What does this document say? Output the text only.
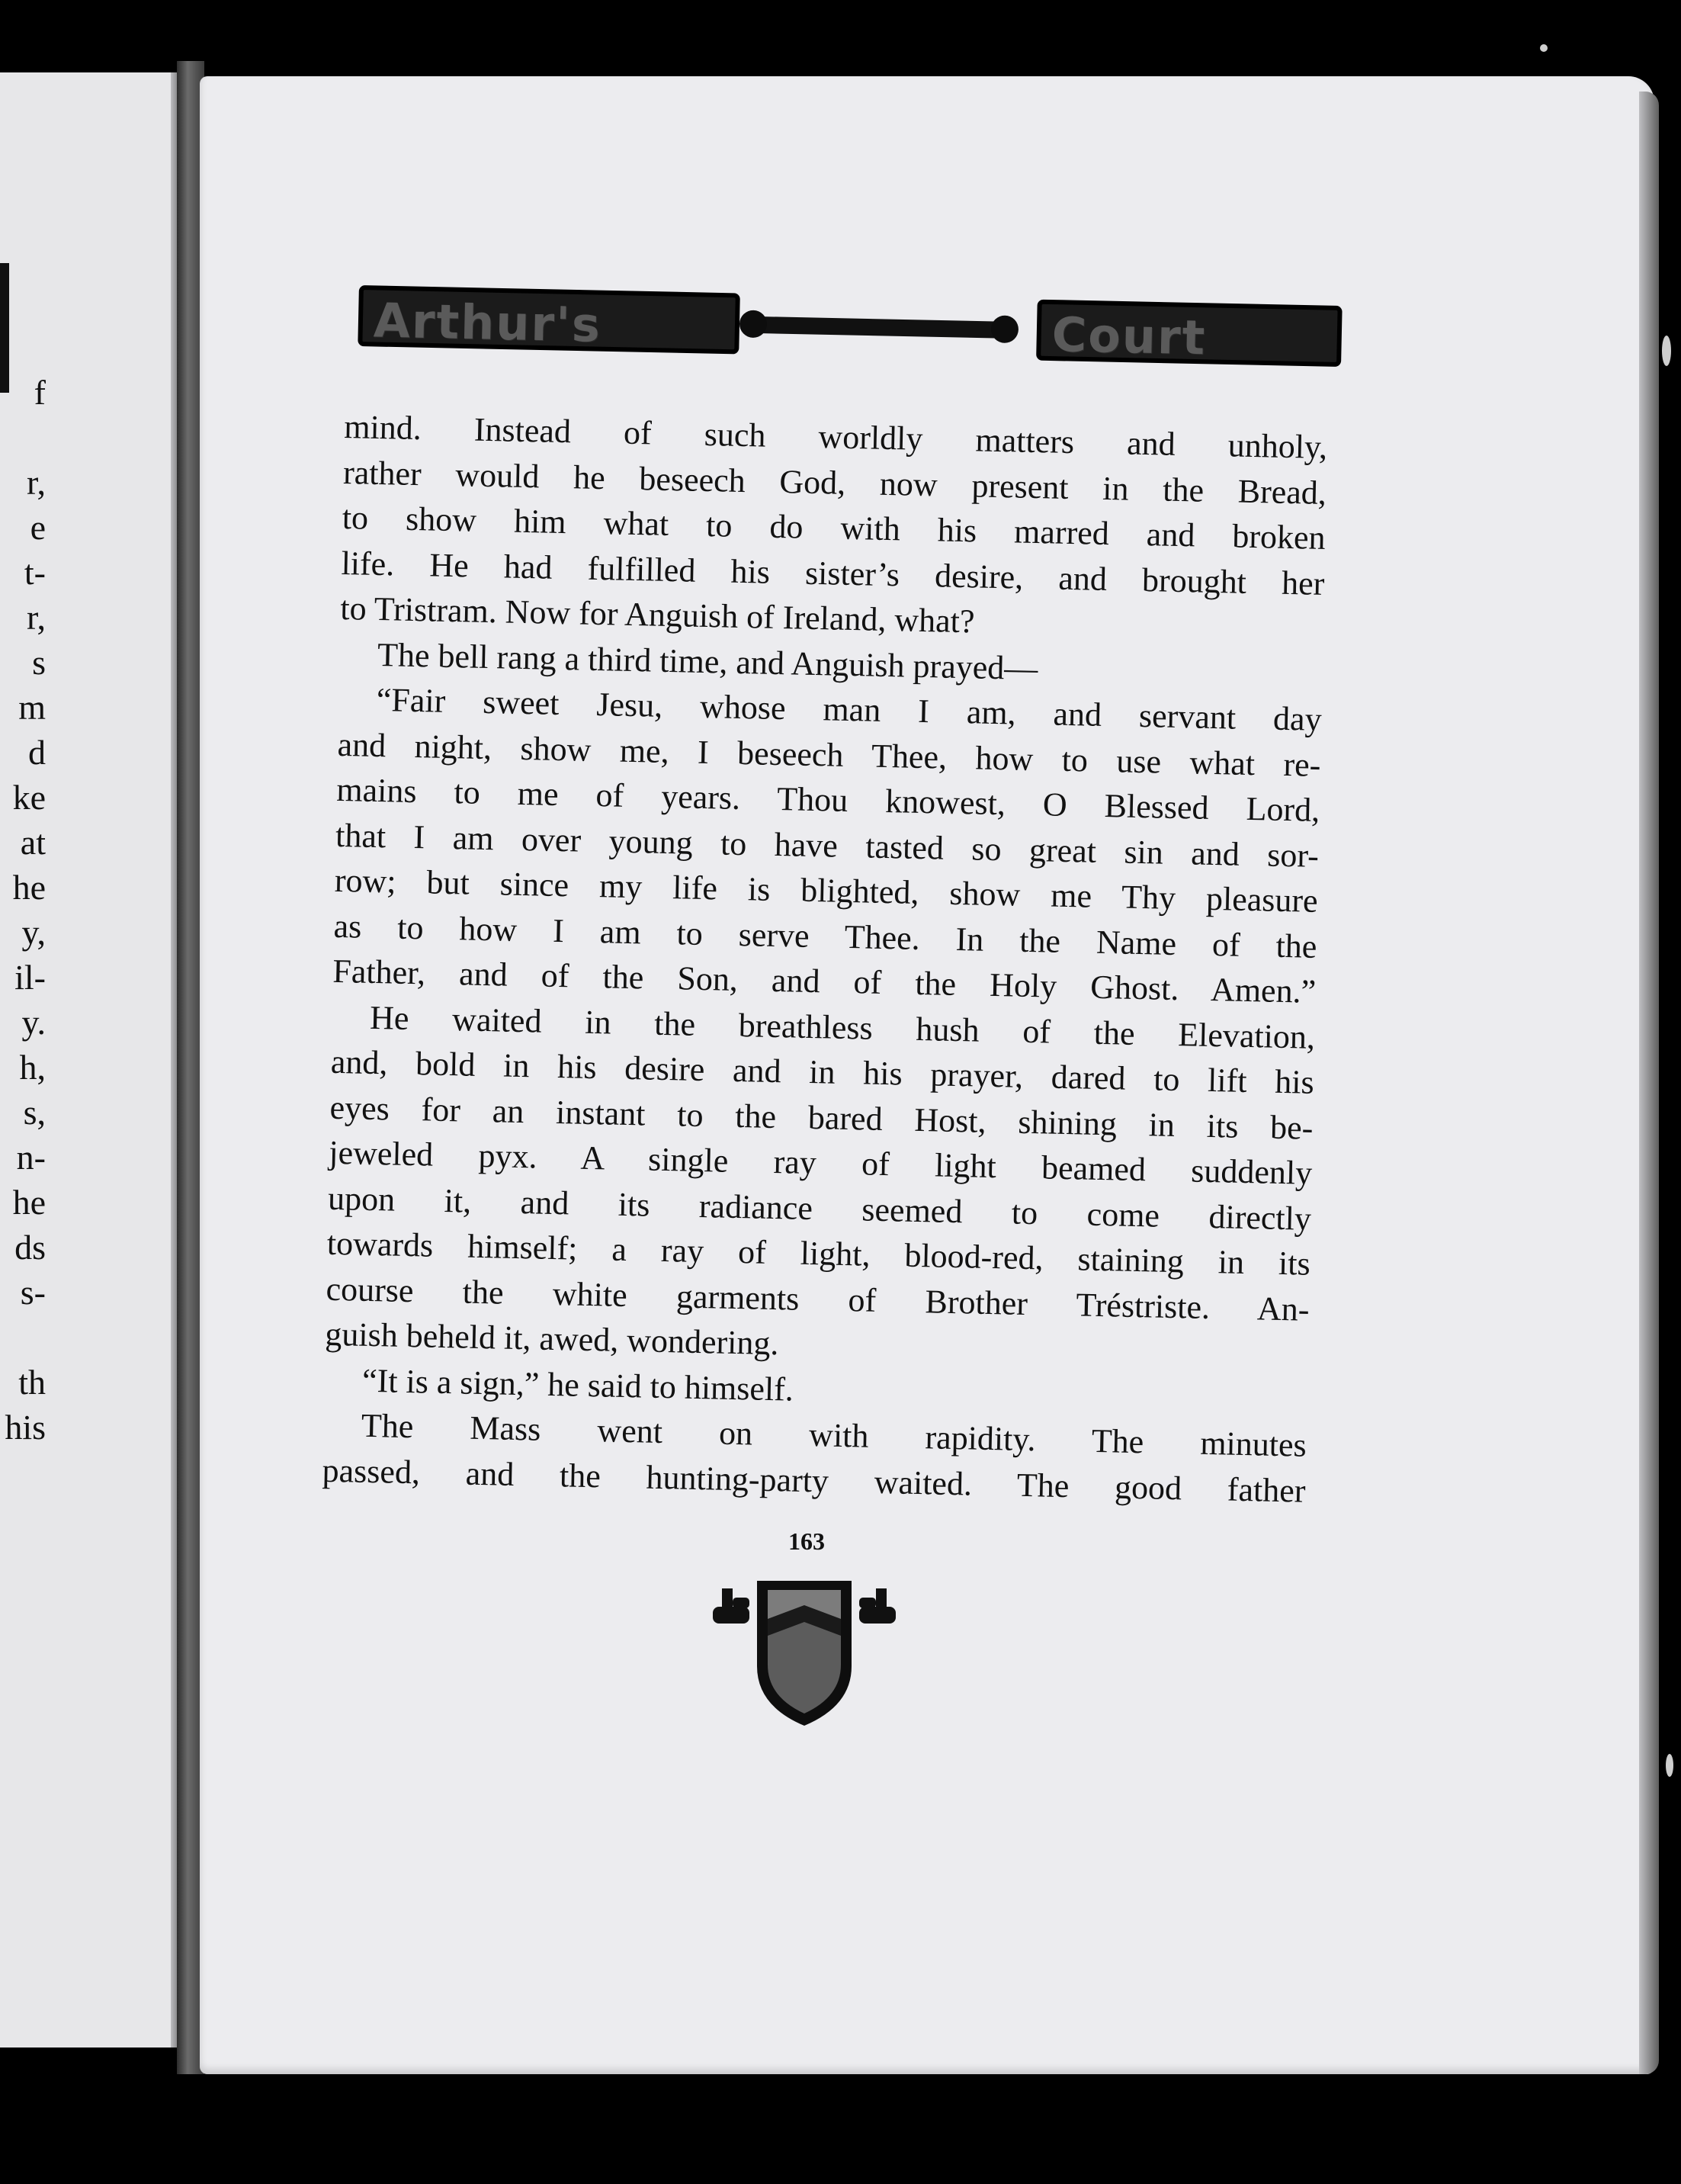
f
r,
e
t-
r,
s
m
d
ke
at
he
y,
il-
y.
h,
s,
n-
he
ds
s-
th
his
Arthur's	Court
mind. Instead of such worldly matters and unholy,
rather would he beseech God, now present in the Bread,
to show him what to do with his marred and broken
life. He had fulfilled his sister’s desire, and brought her
to Tristram. Now for Anguish of Ireland, what?
The bell rang a third time, and Anguish prayed—
“Fair sweet Jesu, whose man I am, and servant day
and night, show me, I beseech Thee, how to use what re-
mains to me of years. Thou knowest, O Blessed Lord,
that I am over young to have tasted so great sin and sor-
row; but since my life is blighted, show me Thy pleasure
as to how I am to serve Thee. In the Name of the
Father, and of the Son, and of the Holy Ghost. Amen.”
He waited in the breathless hush of the Elevation,
and, bold in his desire and in his prayer, dared to lift his
eyes for an instant to the bared Host, shining in its be-
jeweled pyx. A single ray of light beamed suddenly
upon it, and its radiance seemed to come directly
towards himself; a ray of light, blood-red, staining in its
course the white garments of Brother Tréstriste. An-
guish beheld it, awed, wondering.
“It is a sign,” he said to himself.
The Mass went on with rapidity. The minutes
passed, and the hunting-party waited. The good father
163
